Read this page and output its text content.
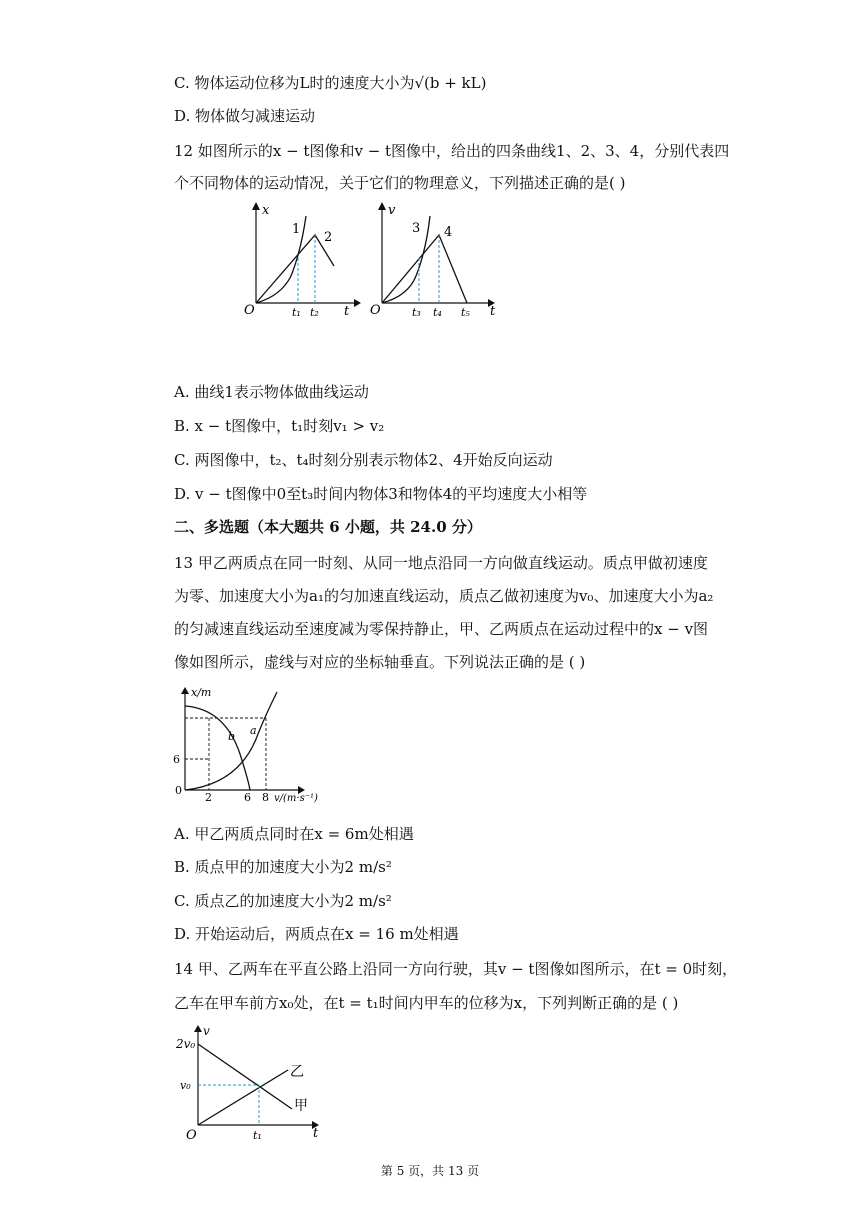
C. 物体运动位移为L时的速度大小为√(b + kL)
D. 物体做匀减速运动
12 如图所示的x − t图像和v − t图像中，给出的四条曲线1、2、3、4，分别代表四
个不同物体的运动情况，关于它们的物理意义，下列描述正确的是( )
O
x
t
1
2
t₁ t₂	O
v
t
3 4
t₃ t₄ t₅
A. 曲线1表示物体做曲线运动
B. x − t图像中，t₁时刻v₁ > v₂
C. 两图像中，t₂、t₄时刻分别表示物体2、4开始反向运动
D. v − t图像中0至t₃时间内物体3和物体4的平均速度大小相等
二、多选题（本大题共 6 小题，共 24.0 分）
13 甲乙两质点在同一时刻、从同一地点沿同一方向做直线运动。质点甲做初速度
为零、加速度大小为a₁的匀加速直线运动，质点乙做初速度为v₀、加速度大小为a₂
的匀减速直线运动至速度减为零保持静止，甲、乙两质点在运动过程中的x − v图
像如图所示，虚线与对应的坐标轴垂直。下列说法正确的是 ( )
0
x/m
6
2	6 8 v/(m·s⁻¹)
a
b
A. 甲乙两质点同时在x = 6m处相遇
B. 质点甲的加速度大小为2 m/s²
C. 质点乙的加速度大小为2 m/s²
D. 开始运动后，两质点在x = 16 m处相遇
14 甲、乙两车在平直公路上沿同一方向行驶，其v − t图像如图所示，在t = 0时刻，
乙车在甲车前方x₀处，在t = t₁时间内甲车的位移为x，下列判断正确的是 ( )
O
v
t
2v₀
v₀
t₁
乙
甲
第 5 页，共 13 页
